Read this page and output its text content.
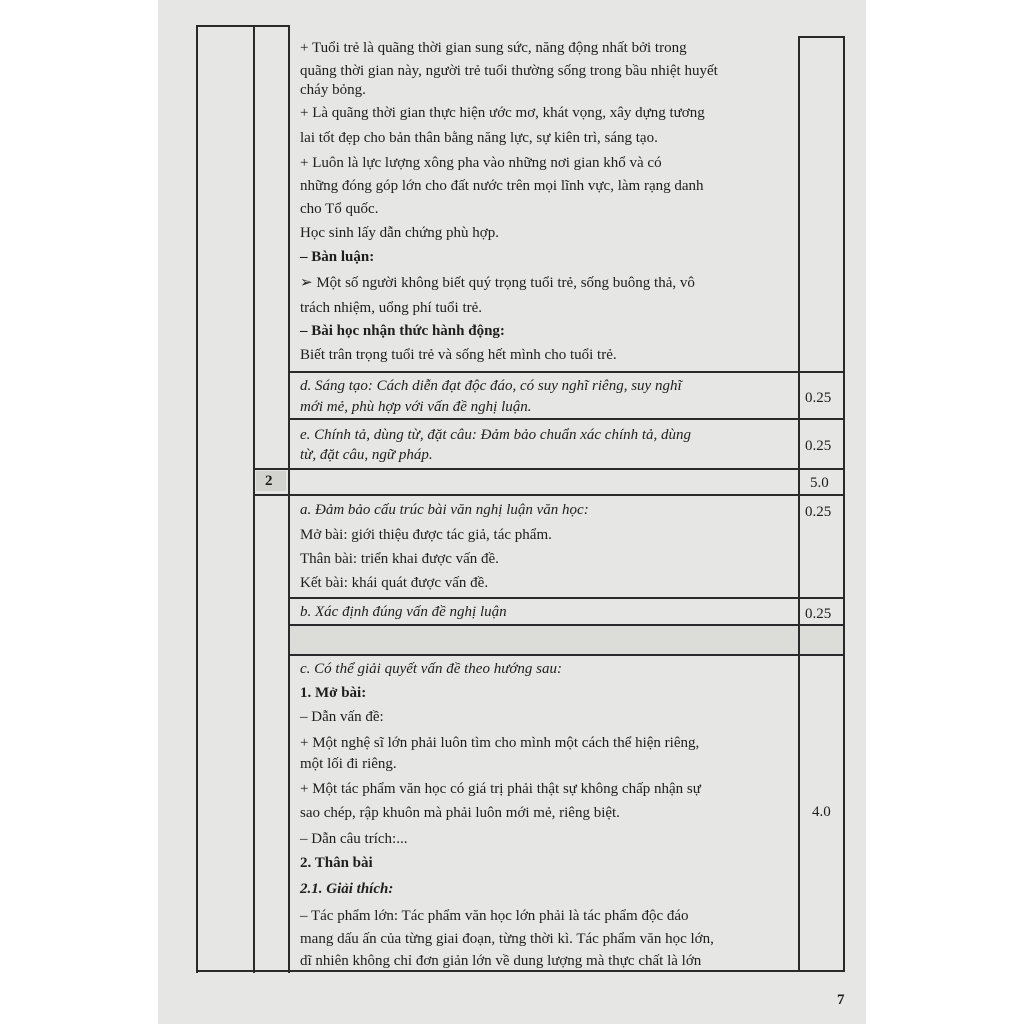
+ Tuổi trẻ là quãng thời gian sung sức, năng động nhất bởi trong
quãng thời gian này, người trẻ tuổi thường sống trong bầu nhiệt huyết
cháy bỏng.
+ Là quãng thời gian thực hiện ước mơ, khát vọng, xây dựng tương
lai tốt đẹp cho bản thân bằng năng lực, sự kiên trì, sáng tạo.
+ Luôn là lực lượng xông pha vào những nơi gian khổ và có
những đóng góp lớn cho đất nước trên mọi lĩnh vực, làm rạng danh
cho Tổ quốc.
Học sinh lấy dẫn chứng phù hợp.
– Bàn luận:
➢ Một số người không biết quý trọng tuổi trẻ, sống buông thả, vô
trách nhiệm, uổng phí tuổi trẻ.
– Bài học nhận thức hành động:
Biết trân trọng tuổi trẻ và sống hết mình cho tuổi trẻ.
d. Sáng tạo: Cách diễn đạt độc đáo, có suy nghĩ riêng, suy nghĩ
mới mẻ, phù hợp với vấn đề nghị luận.
0.25
e. Chính tả, dùng từ, đặt câu: Đảm bảo chuẩn xác chính tả, dùng
từ, đặt câu, ngữ pháp.
0.25
2	5.0
a. Đảm bảo cấu trúc bài văn nghị luận văn học:
Mở bài: giới thiệu được tác giả, tác phẩm.
Thân bài: triển khai được vấn đề.
Kết bài: khái quát được vấn đề.
0.25
b. Xác định đúng vấn đề nghị luận	0.25
c. Có thể giải quyết vấn đề theo hướng sau:
1. Mở bài:
– Dẫn vấn đề:
+ Một nghệ sĩ lớn phải luôn tìm cho mình một cách thể hiện riêng,
một lối đi riêng.
+ Một tác phẩm văn học có giá trị phải thật sự không chấp nhận sự
sao chép, rập khuôn mà phải luôn mới mẻ, riêng biệt.
– Dẫn câu trích:...
2. Thân bài
2.1. Giải thích:
– Tác phẩm lớn: Tác phẩm văn học lớn phải là tác phẩm độc đáo
mang dấu ấn của từng giai đoạn, từng thời kì. Tác phẩm văn học lớn,
dĩ nhiên không chỉ đơn giản lớn về dung lượng mà thực chất là lớn
4.0
7
